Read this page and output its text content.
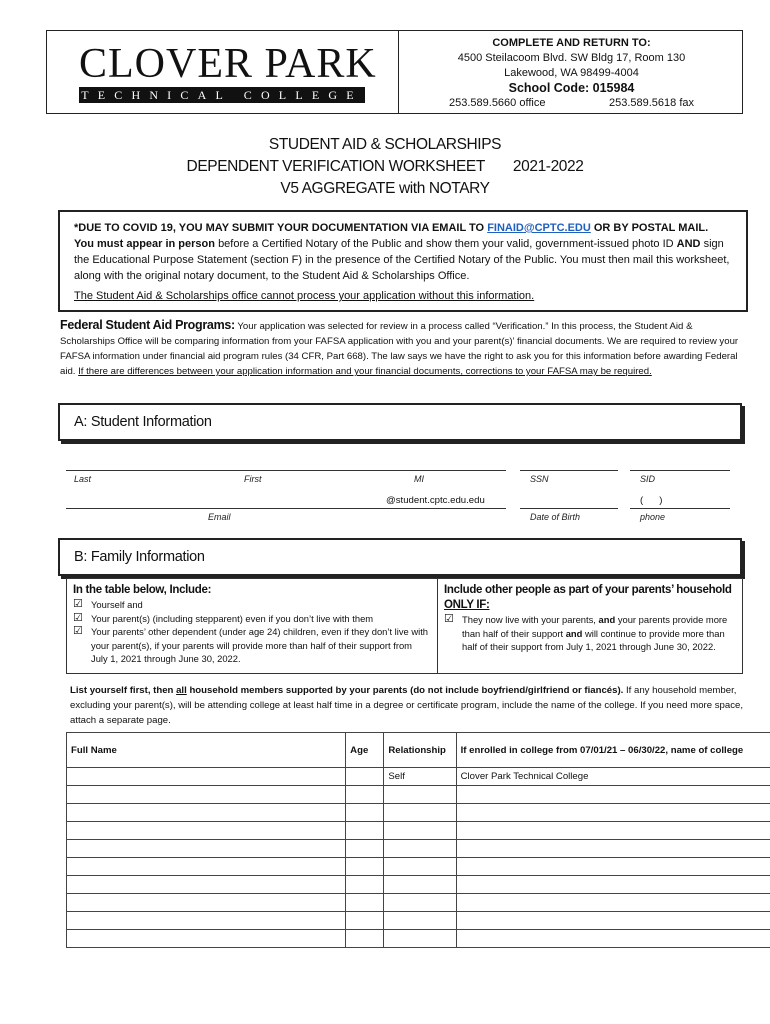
CLOVER PARK
TECHNICAL COLLEGE
COMPLETE AND RETURN TO:
4500 Steilacoom Blvd. SW Bldg 17, Room 130
Lakewood, WA 98499-4004
School Code: 015984
253.589.5660 office	253.589.5618 fax
STUDENT AID & SCHOLARSHIPS
DEPENDENT VERIFICATION WORKSHEET 2021-2022
V5 AGGREGATE with NOTARY
*DUE TO COVID 19, YOU MAY SUBMIT YOUR DOCUMENTATION VIA EMAIL TO FINAID@CPTC.EDU OR BY POSTAL MAIL.
You must appear in person before a Certified Notary of the Public and show them your valid, government-issued photo ID AND sign the Educational Purpose Statement (section F) in the presence of the Certified Notary of the Public. You must then mail this worksheet, along with the original notary document, to the Student Aid & Scholarships Office.
The Student Aid & Scholarships office cannot process your application without this information.
Federal Student Aid Programs: Your application was selected for review in a process called “Verification.” In this process, the Student Aid & Scholarships Office will be comparing information from your FAFSA application with you and your parent(s)’ financial documents. We are required to review your FAFSA information under financial aid program rules (34 CFR, Part 668). The law says we have the right to ask you for this information before awarding Federal aid. If there are differences between your application information and your financial documents, corrections to your FAFSA may be required.
A: Student Information
Last	First	MI	SSN	SID
@student.cptc.edu.edu	(      )
Email	Date of Birth	phone
B: Family Information
In the table below, Include:
☑ Yourself and
☑ Your parent(s) (including stepparent) even if you don’t live with them
☑ Your parents’ other dependent (under age 24) children, even if they don’t live with your parent(s), if your parents will provide more than half of their support from July 1, 2021 through June 30, 2022.
Include other people as part of your parents’ household
ONLY IF:
☑ They now live with your parents, and your parents provide more than half of their support and will continue to provide more than half of their support from July 1, 2021 through June 30, 2022.
List yourself first, then all household members supported by your parents (do not include boyfriend/girlfriend or fiancés). If any household member, excluding your parent(s), will be attending college at least half time in a degree or certificate program, include the name of the college. If you need more space, attach a separate page.
Full Name	Age	Relationship	If enrolled in college from 07/01/21 – 06/30/22, name of college
		Self	Clover Park Technical College
